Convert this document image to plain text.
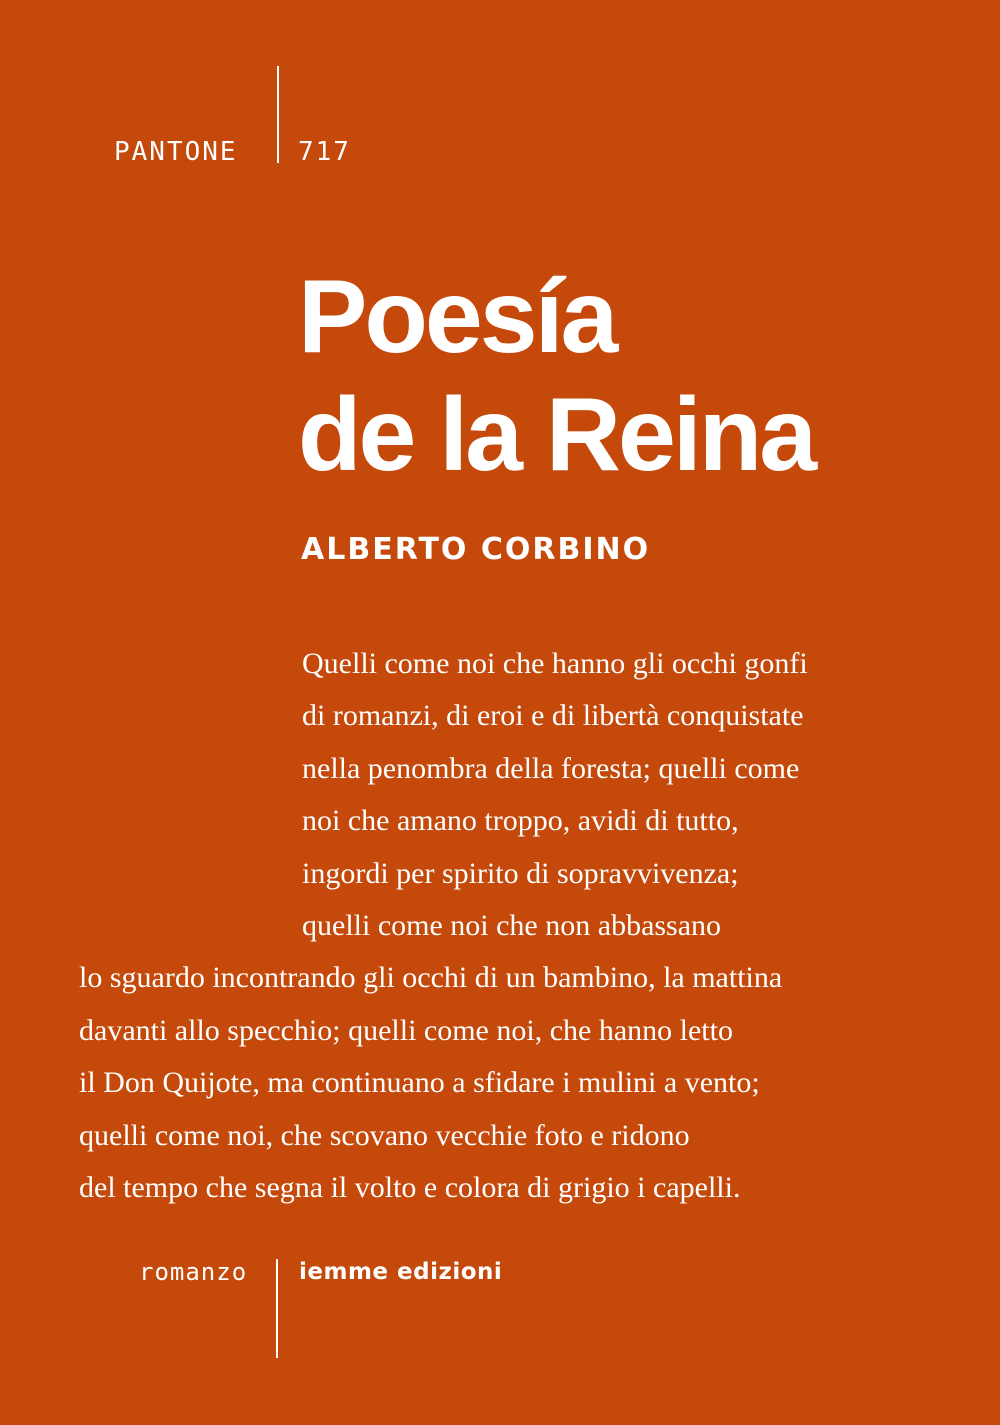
PANTONE 717
Poesía
de la Reina
ALBERTO CORBINO
Quelli come noi che hanno gli occhi gonfi
di romanzi, di eroi e di libertà conquistate
nella penombra della foresta; quelli come
noi che amano troppo, avidi di tutto,
ingordi per spirito di sopravvivenza;
quelli come noi che non abbassano
lo sguardo incontrando gli occhi di un bambino, la mattina
davanti allo specchio; quelli come noi, che hanno letto
il Don Quijote, ma continuano a sfidare i mulini a vento;
quelli come noi, che scovano vecchie foto e ridono
del tempo che segna il volto e colora di grigio i capelli.
romanzo iemme edizioni
